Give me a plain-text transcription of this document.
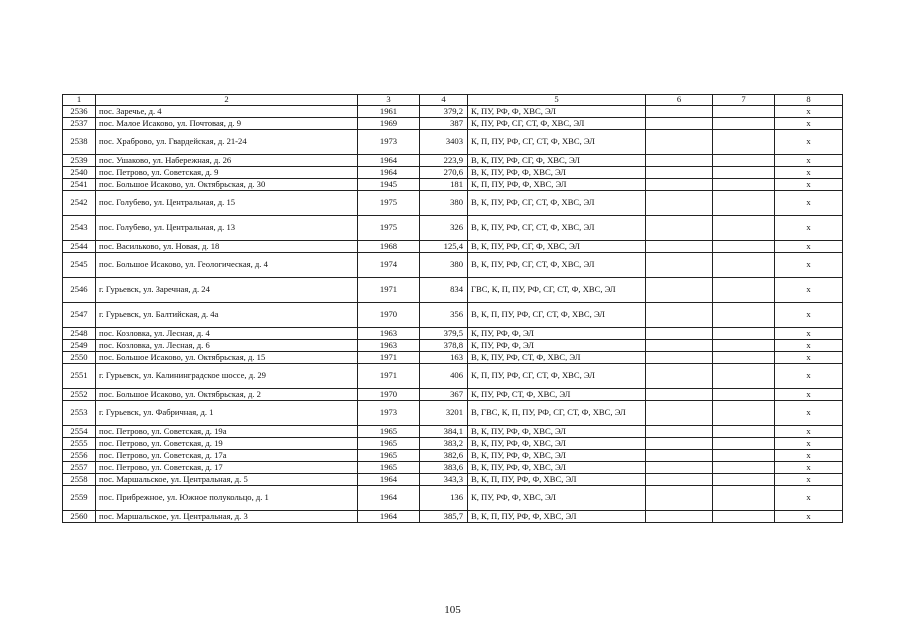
1	2	3	4	5	6	7	8
2536	пос. Заречье, д. 4	1961	379,2	К, ПУ, РФ, Ф, ХВС, ЭЛ			х
2537	пос. Малое Исаково, ул. Почтовая, д. 9	1969	387	К, ПУ, РФ, СГ, СТ, Ф, ХВС, ЭЛ			х
2538	пос. Храброво, ул. Гвардейская, д. 21-24	1973	3403	К, П, ПУ, РФ, СГ, СТ, Ф, ХВС, ЭЛ			х
2539	пос. Ушаково, ул. Набережная, д. 26	1964	223,9	В, К, ПУ, РФ, СГ, Ф, ХВС, ЭЛ			х
2540	пос. Петрово, ул. Советская, д. 9	1964	270,6	В, К, ПУ, РФ, Ф, ХВС, ЭЛ			х
2541	пос. Большое Исаково, ул. Октябрьская, д. 30	1945	181	К, П, ПУ, РФ, Ф, ХВС, ЭЛ			х
2542	пос. Голубево, ул. Центральная, д. 15	1975	380	В, К, ПУ, РФ, СГ, СТ, Ф, ХВС, ЭЛ			х
2543	пос. Голубево, ул. Центральная, д. 13	1975	326	В, К, ПУ, РФ, СГ, СТ, Ф, ХВС, ЭЛ			х
2544	пос. Васильково, ул. Новая, д. 18	1968	125,4	В, К, ПУ, РФ, СГ, Ф, ХВС, ЭЛ			х
2545	пос. Большое Исаково, ул. Геологическая, д. 4	1974	380	В, К, ПУ, РФ, СГ, СТ, Ф, ХВС, ЭЛ			х
2546	г. Гурьевск, ул. Заречная, д. 24	1971	834	ГВС, К, П, ПУ, РФ, СГ, СТ, Ф, ХВС, ЭЛ			х
2547	г. Гурьевск, ул. Балтийская, д. 4а	1970	356	В, К, П, ПУ, РФ, СГ, СТ, Ф, ХВС, ЭЛ			х
2548	пос. Козловка, ул. Лесная, д. 4	1963	379,5	К, ПУ, РФ, Ф, ЭЛ			х
2549	пос. Козловка, ул. Лесная, д. 6	1963	378,8	К, ПУ, РФ, Ф, ЭЛ			х
2550	пос. Большое Исаково, ул. Октябрьская, д. 15	1971	163	В, К, ПУ, РФ, СТ, Ф, ХВС, ЭЛ			х
2551	г. Гурьевск, ул. Калининградское шоссе, д. 29	1971	406	К, П, ПУ, РФ, СГ, СТ, Ф, ХВС, ЭЛ			х
2552	пос. Большое Исаково, ул. Октябрьская, д. 2	1970	367	К, ПУ, РФ, СТ, Ф, ХВС, ЭЛ			х
2553	г. Гурьевск, ул. Фабричная, д. 1	1973	3201	В, ГВС, К, П, ПУ, РФ, СГ, СТ, Ф, ХВС, ЭЛ			х
2554	пос. Петрово, ул. Советская, д. 19а	1965	384,1	В, К, ПУ, РФ, Ф, ХВС, ЭЛ			х
2555	пос. Петрово, ул. Советская, д. 19	1965	383,2	В, К, ПУ, РФ, Ф, ХВС, ЭЛ			х
2556	пос. Петрово, ул. Советская, д. 17а	1965	382,6	В, К, ПУ, РФ, Ф, ХВС, ЭЛ			х
2557	пос. Петрово, ул. Советская, д. 17	1965	383,6	В, К, ПУ, РФ, Ф, ХВС, ЭЛ			х
2558	пос. Маршальское, ул. Центральная, д. 5	1964	343,3	В, К, П, ПУ, РФ, Ф, ХВС, ЭЛ			х
2559	пос. Прибрежное, ул. Южное полукольцо, д. 1	1964	136	К, ПУ, РФ, Ф, ХВС, ЭЛ			х
2560	пос. Маршальское, ул. Центральная, д. 3	1964	385,7	В, К, П, ПУ, РФ, Ф, ХВС, ЭЛ			х
105
